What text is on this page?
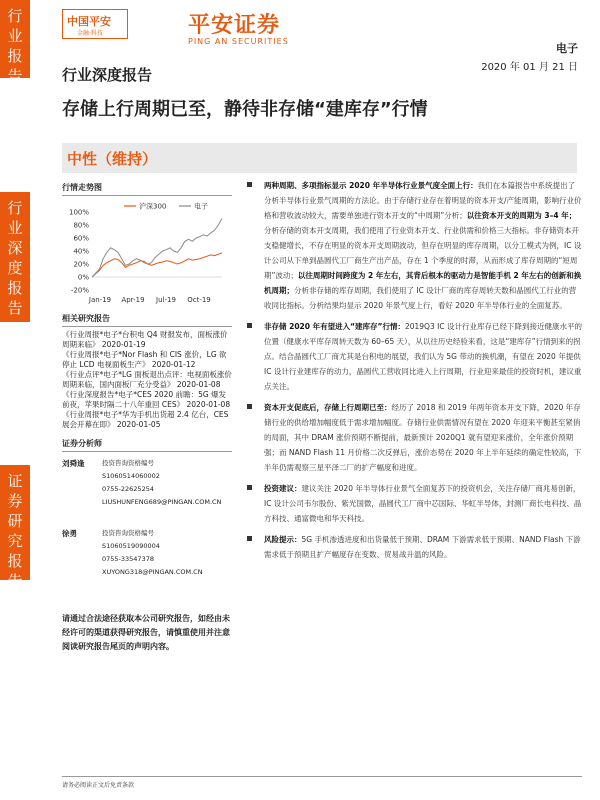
行
业
报
告
行
业
深
度
报
告
证
券
研
究
报
告
中国平安
金融·科技	平安证券
PING AN SECURITIES
电子
2020 年 01 月 21 日
行业深度报告
存储上行周期已至，静待非存储“建库存”行情
中性（维持）
行情走势图
100%
80%
60%
40%
20%
0%
-20%
Jan-19 Apr-19 Jul-19 Oct-19
沪深300	电子
相关研究报告

《行业周报*电子*台积电 Q4 财报发布，面板涨价周期来临》 2020-01-19

《行业周报*电子*Nor Flash 和 CIS 涨价，LG 欲停止 LCD 电视面板生产》 2020-01-12

《行业点评*电子*LG 面板退出点评：电视面板涨价周期来临，国内面板厂充分受益》 2020-01-08

《行业深度报告*电子*CES 2020 前瞻：5G 爆发前夜，苹果时隔二十八年重回 CES》 2020-01-08

《行业周报*电子*华为手机出货超 2.4 亿台，CES 展会开幕在即》 2020-01-05

证券分析师
刘舜逢	投资咨询资格编号
S1060514060002
0755-22625254
LIUSHUNFENG689@PINGAN.COM.CN
徐勇	投资咨询资格编号
S1060519090004
0755-33547378
XUYONG318@PINGAN.COM.CN
请通过合法途径获取本公司研究报告，如经由未经许可的渠道获得研究报告，请慎重使用并注意阅读研究报告尾页的声明内容。
两种周期、多项指标显示 2020 年半导体行业景气度全面上行：我们在本篇报告中系统提出了分析半导体行业景气周期的方法论。由于存储行业存在着明显的资本开支/产能周期，影响行业价格和营收波动较大，需要单独进行资本开支的“中周期”分析；以往资本开支的周期为 3–4 年；分析存储的资本开支周期，我们使用了行业资本开支、行业供需和价格三大指标。非存储资本开支稳健增长，不存在明显的资本开支周期波动，但存在明显的库存周期，以分工模式为例，IC 设计公司从下单到晶圆代工厂商生产出产品，存在 1 个季度的时滞，从而形成了库存周期的“短周期”波动；以往周期时间跨度为 2 年左右，其背后根本的驱动力是智能手机 2 年左右的创新和换机周期；分析非存储的库存周期，我们使用了 IC 设计厂商的库存周转天数和晶圆代工行业的营收同比指标。分析结果均显示 2020 年景气度上行，看好 2020 年半导体行业的全面复苏。
非存储 2020 年有望进入“建库存”行情：2019Q3 IC 设计行业库存已经下降到接近健康水平的位置（健康水平库存周转天数为 60–65 天），从以往历史经验来看，这是“建库存”行情到来的拐点。结合晶圆代工厂商尤其是台积电的展望，我们认为 5G 带动的换机潮，有望在 2020 年提供 IC 设计行业建库存的动力，晶圆代工营收同比进入上行周期，行业迎来最佳的投资时机，建议重点关注。
资本开支促底后，存储上行周期已至：经历了 2018 和 2019 年两年资本开支下降，2020 年存储行业的供给增加幅度低于需求增加幅度。存储行业供需情况有望在 2020 年迎来平衡甚至紧俏的局面，其中 DRAM 涨价预期不断提前，最新预计 2020Q1 就有望迎来涨价，全年涨价预期强；而 NAND Flash 11 月价格二次反弹后，涨价态势在 2020 年上半年延续的确定性较高，下半年仍需观察三星平泽二厂的扩产幅度和进度。
投资建议：建议关注 2020 年半导体行业景气全面复苏下的投资机会，关注存储厂商兆易创新，IC 设计公司韦尔股份、紫光国微，晶圆代工厂商中芯国际、华虹半导体，封测厂商长电科技、晶方科技、通富微电和华天科技。
风险提示：5G 手机渗透进度和出货量低于预期、DRAM 下游需求低于预期、NAND Flash 下游需求低于预期且扩产幅度存在变数、贸易战升温的风险。
请务必阅读正文后免责条款
